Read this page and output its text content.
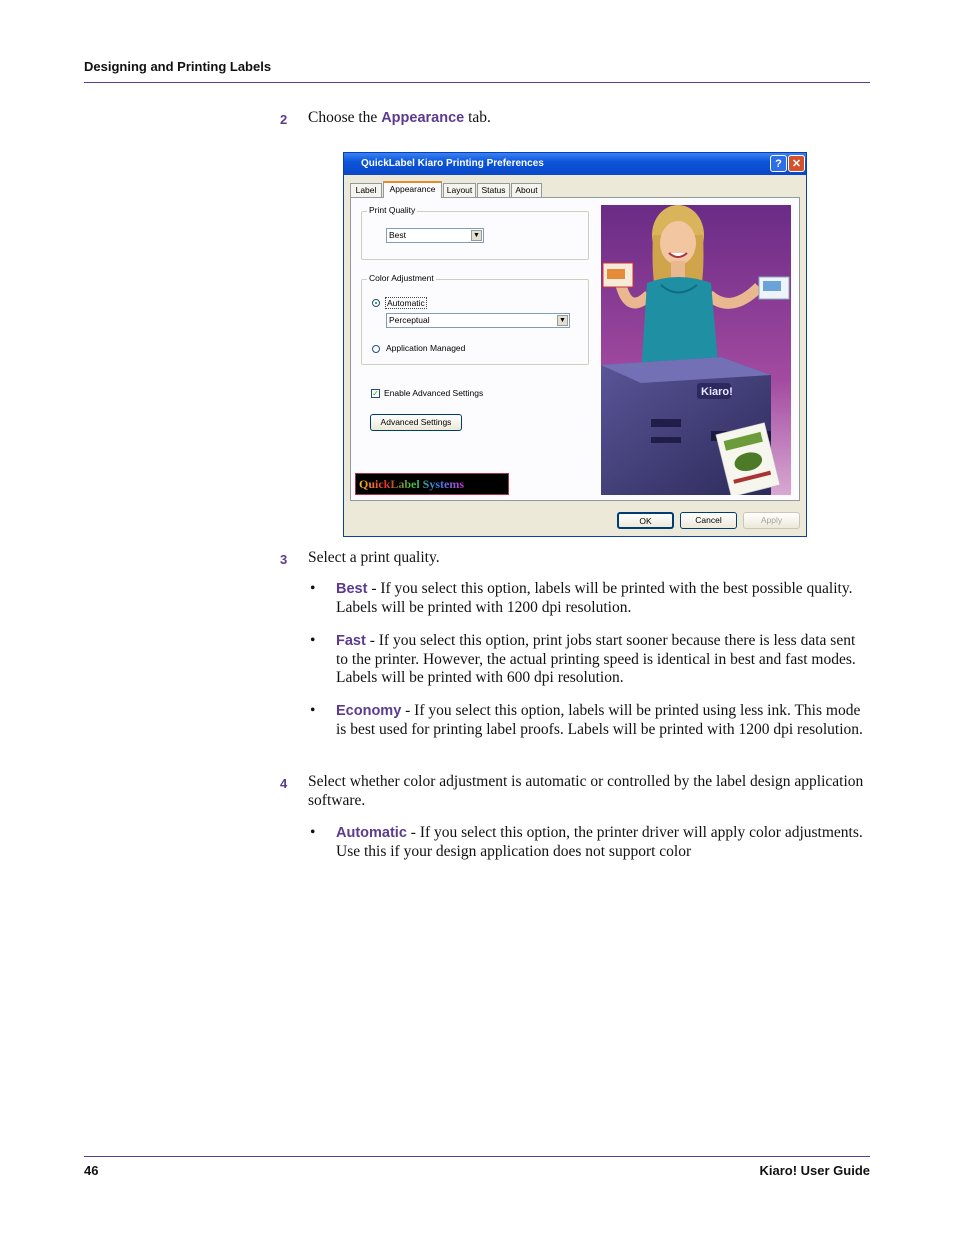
Designing and Printing Labels
2 Choose the Appearance tab.
QuickLabel Kiaro Printing Preferences	? ✕
Label	Appearance	Layout	Status	About
Print Quality
Best	▼
Color Adjustment
Automatic
Perceptual	▼
Application Managed
✓ Enable Advanced Settings
Advanced Settings
QuickLabel Systems
Kiaro!
OK	Cancel	Apply
3 Select a print quality.
• Best - If you select this option, labels will be printed with the best possible quality. Labels will be printed with 1200 dpi resolution.
• Fast - If you select this option, print jobs start sooner because there is less data sent to the printer. However, the actual printing speed is identical in best and fast modes. Labels will be printed with 600 dpi resolution.
• Economy - If you select this option, labels will be printed using less ink. This mode is best used for printing label proofs. Labels will be printed with 1200 dpi resolution.
4 Select whether color adjustment is automatic or controlled by the label design application software.
• Automatic - If you select this option, the printer driver will apply color adjustments. Use this if your design application does not support color
46	Kiaro! User Guide
